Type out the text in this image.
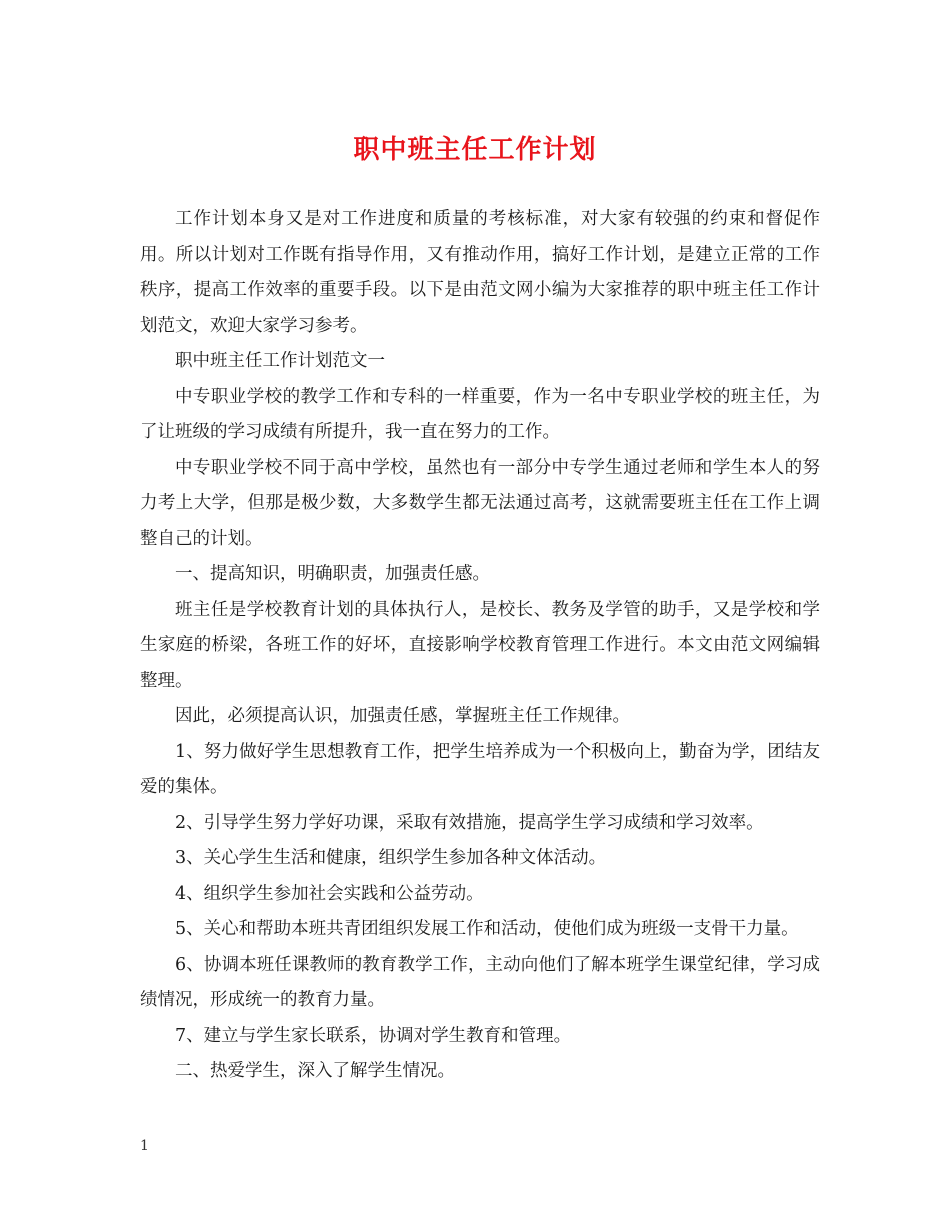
职中班主任工作计划

工作计划本身又是对工作进度和质量的考核标准，对大家有较强的约束和督促作用。所以计划对工作既有指导作用，又有推动作用，搞好工作计划，是建立正常的工作秩序，提高工作效率的重要手段。以下是由范文网小编为大家推荐的职中班主任工作计划范文，欢迎大家学习参考。

职中班主任工作计划范文一

中专职业学校的教学工作和专科的一样重要，作为一名中专职业学校的班主任，为了让班级的学习成绩有所提升，我一直在努力的工作。

中专职业学校不同于高中学校，虽然也有一部分中专学生通过老师和学生本人的努力考上大学，但那是极少数，大多数学生都无法通过高考，这就需要班主任在工作上调整自己的计划。

一、提高知识，明确职责，加强责任感。

班主任是学校教育计划的具体执行人，是校长、教务及学管的助手，又是学校和学生家庭的桥梁，各班工作的好坏，直接影响学校教育管理工作进行。本文由范文网编辑整理。

因此，必须提高认识，加强责任感，掌握班主任工作规律。

1、努力做好学生思想教育工作，把学生培养成为一个积极向上，勤奋为学，团结友爱的集体。

2、引导学生努力学好功课，采取有效措施，提高学生学习成绩和学习效率。

3、关心学生生活和健康，组织学生参加各种文体活动。

4、组织学生参加社会实践和公益劳动。

5、关心和帮助本班共青团组织发展工作和活动，使他们成为班级一支骨干力量。

6、协调本班任课教师的教育教学工作，主动向他们了解本班学生课堂纪律，学习成绩情况，形成统一的教育力量。

7、建立与学生家长联系，协调对学生教育和管理。

二、热爱学生，深入了解学生情况。

1
